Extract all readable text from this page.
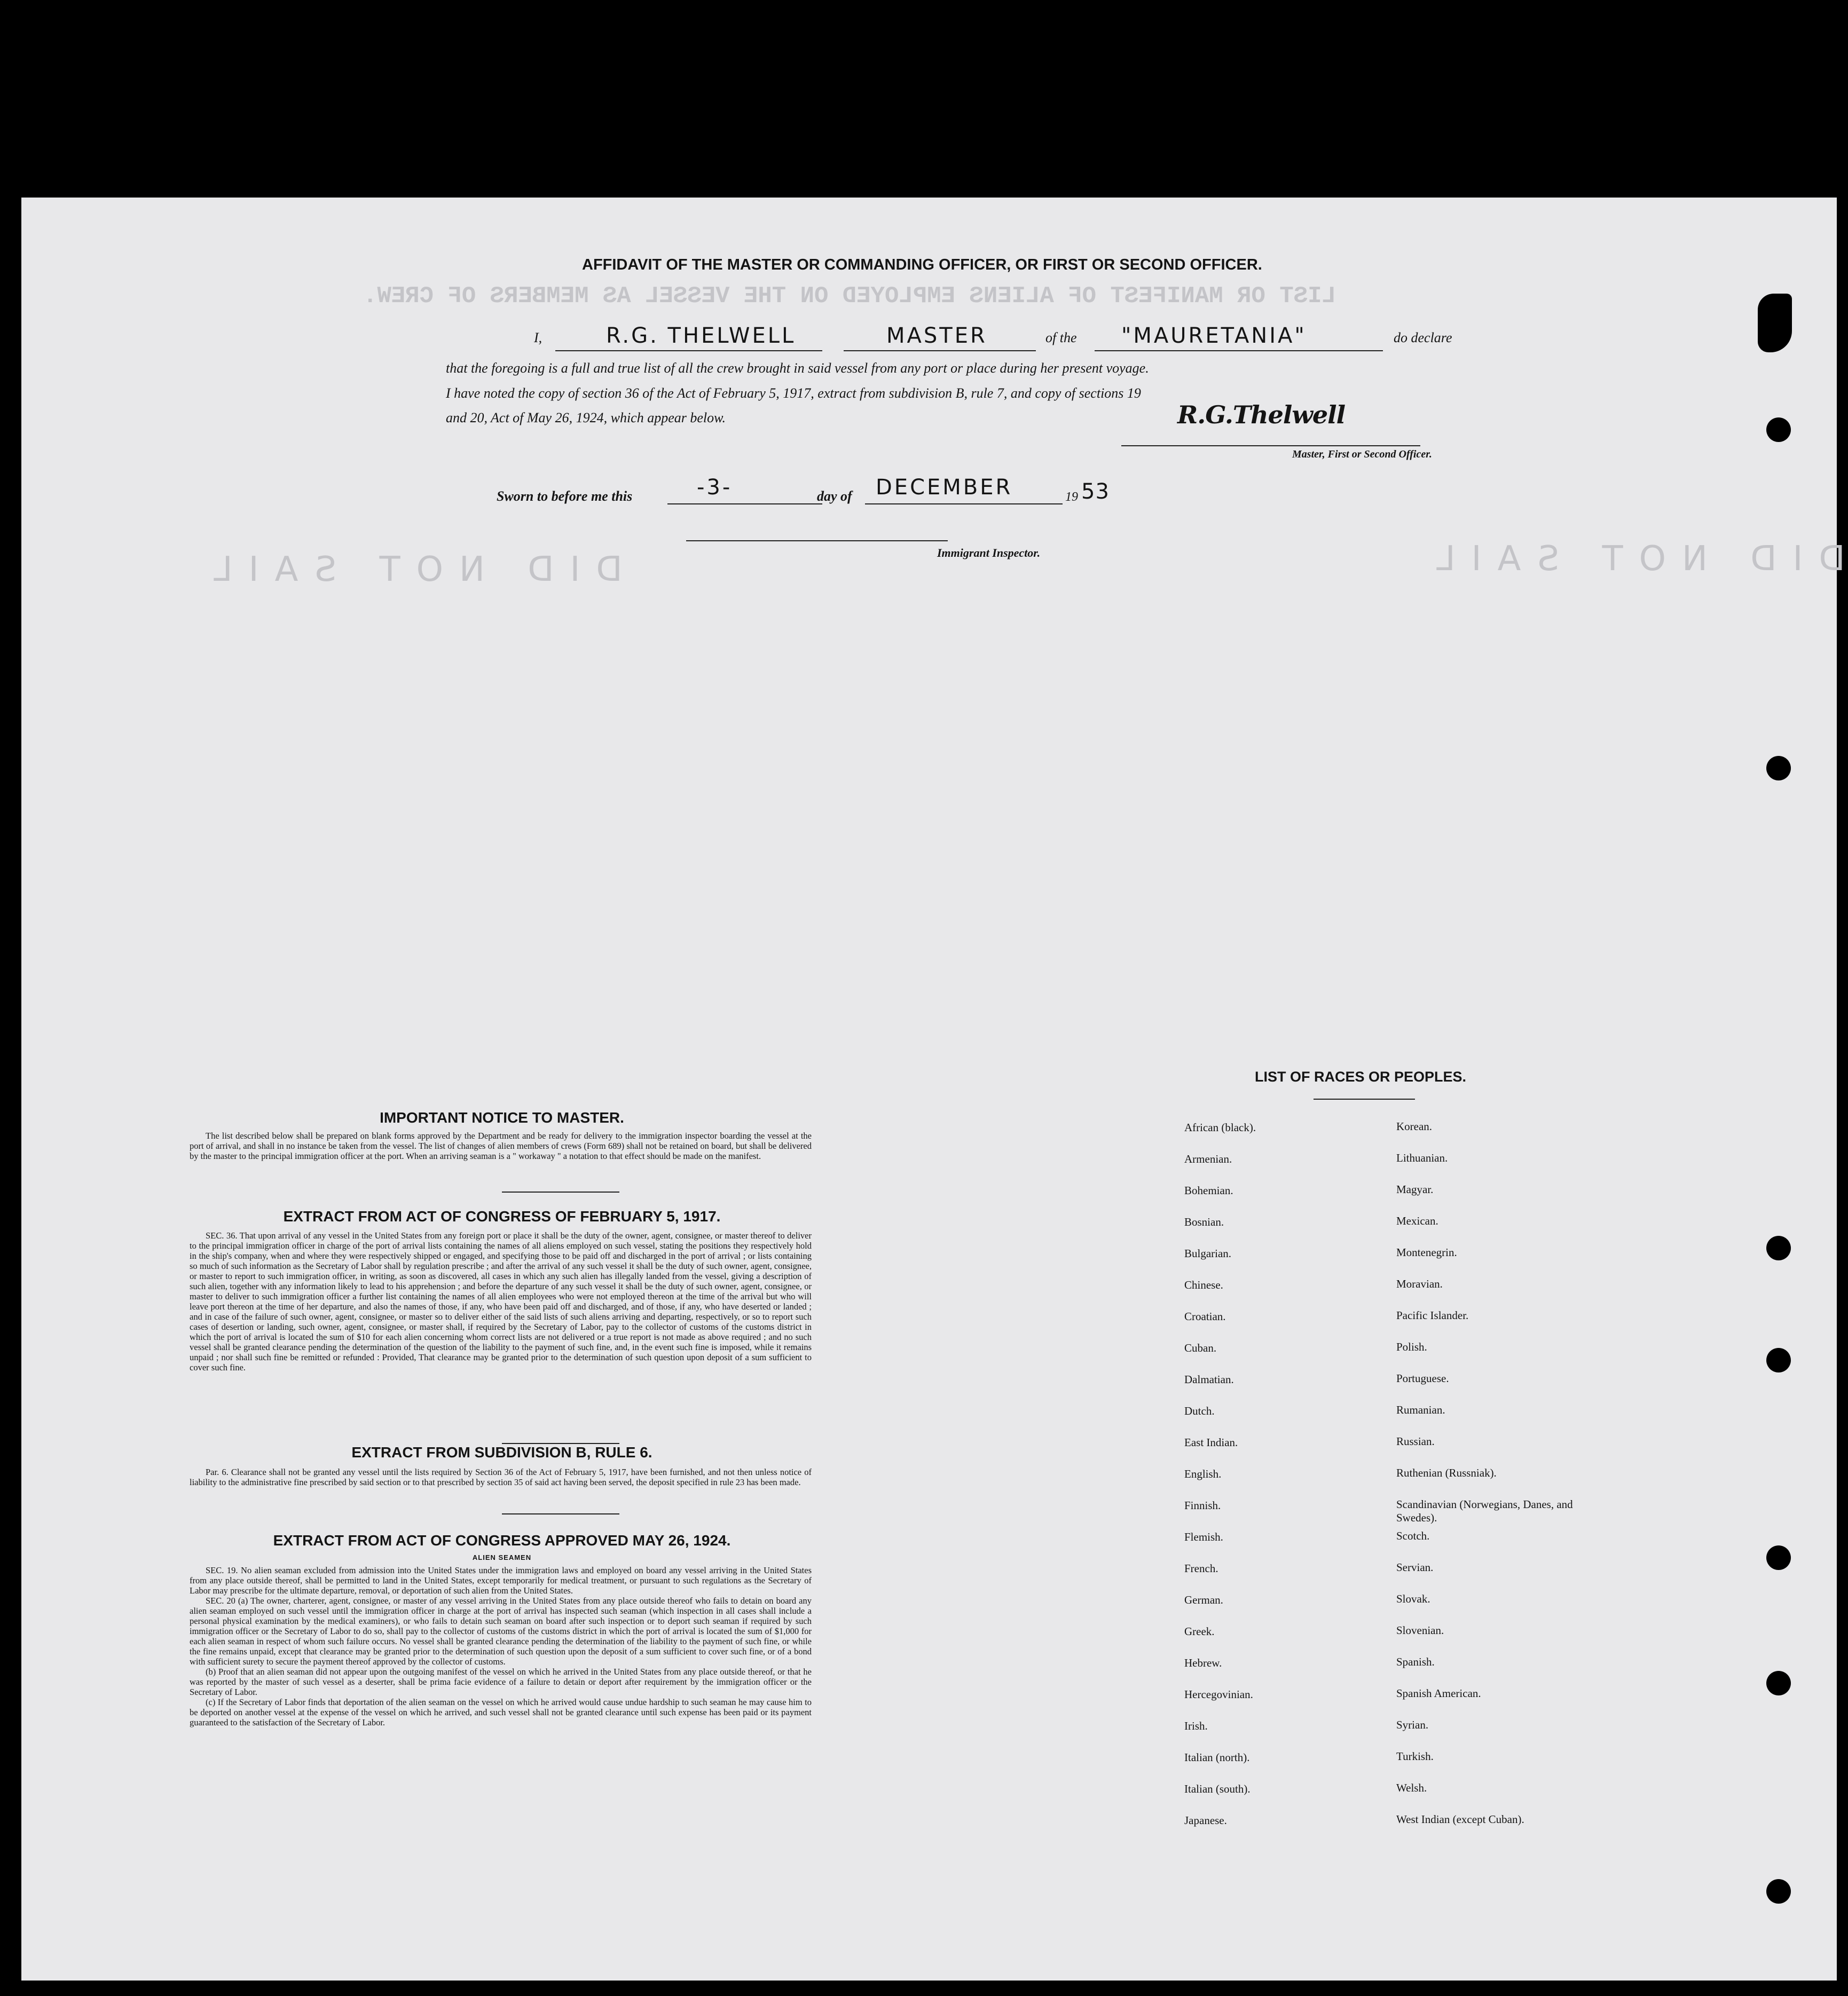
LIST OR MANIFEST OF ALIENS EMPLOYED ON THE VESSEL AS MEMBERS OF CREW.
DID NOT SAIL	DID NOT SAIL
AFFIDAVIT OF THE MASTER OR COMMANDING OFFICER, OR FIRST OR SECOND OFFICER.
I,	R.G. THELWELL	MASTER	of the "MAURETANIA"	do declare
that the foregoing is a full and true list of all the crew brought in said vessel from any port or place during her present voyage.
I have noted the copy of section 36 of the Act of February 5, 1917, extract from subdivision B, rule 7, and copy of sections 19
and 20, Act of May 26, 1924, which appear below.	R.G.Thelwell
Master, First or Second Officer.
Sworn to before me this	-3-	day of DECEMBER	19 53
Immigrant Inspector.
IMPORTANT NOTICE TO MASTER.

The list described below shall be prepared on blank forms approved by the Department and be ready for delivery to the immigration inspector boarding the vessel at the port of arrival, and shall in no instance be taken from the vessel. The list of changes of alien members of crews (Form 689) shall not be retained on board, but shall be delivered by the master to the principal immigration officer at the port. When an arriving seaman is a " workaway " a notation to that effect should be made on the manifest.

EXTRACT FROM ACT OF CONGRESS OF FEBRUARY 5, 1917.

SEC. 36. That upon arrival of any vessel in the United States from any foreign port or place it shall be the duty of the owner, agent, consignee, or master thereof to deliver to the principal immigration officer in charge of the port of arrival lists containing the names of all aliens employed on such vessel, stating the positions they respectively hold in the ship's company, when and where they were respectively shipped or engaged, and specifying those to be paid off and discharged in the port of arrival ; or lists containing so much of such information as the Secretary of Labor shall by regulation prescribe ; and after the arrival of any such vessel it shall be the duty of such owner, agent, consignee, or master to report to such immigration officer, in writing, as soon as discovered, all cases in which any such alien has illegally landed from the vessel, giving a description of such alien, together with any information likely to lead to his apprehension ; and before the departure of any such vessel it shall be the duty of such owner, agent, consignee, or master to deliver to such immigration officer a further list containing the names of all alien employees who were not employed thereon at the time of the arrival but who will leave port thereon at the time of her departure, and also the names of those, if any, who have been paid off and discharged, and of those, if any, who have deserted or landed ; and in case of the failure of such owner, agent, consignee, or master so to deliver either of the said lists of such aliens arriving and departing, respectively, or so to report such cases of desertion or landing, such owner, agent, consignee, or master shall, if required by the Secretary of Labor, pay to the collector of customs of the customs district in which the port of arrival is located the sum of $10 for each alien concerning whom correct lists are not delivered or a true report is not made as above required ; and no such vessel shall be granted clearance pending the determination of the question of the liability to the payment of such fine, and, in the event such fine is imposed, while it remains unpaid ; nor shall such fine be remitted or refunded : Provided, That clearance may be granted prior to the determination of such question upon deposit of a sum sufficient to cover such fine.

EXTRACT FROM SUBDIVISION B, RULE 6.

Par. 6. Clearance shall not be granted any vessel until the lists required by Section 36 of the Act of February 5, 1917, have been furnished, and not then unless notice of liability to the administrative fine prescribed by said section or to that prescribed by section 35 of said act having been served, the deposit specified in rule 23 has been made.

EXTRACT FROM ACT OF CONGRESS APPROVED MAY 26, 1924.
ALIEN SEAMEN

SEC. 19. No alien seaman excluded from admission into the United States under the immigration laws and employed on board any vessel arriving in the United States from any place outside thereof, shall be permitted to land in the United States, except temporarily for medical treatment, or pursuant to such regulations as the Secretary of Labor may prescribe for the ultimate departure, removal, or deportation of such alien from the United States.

SEC. 20 (a) The owner, charterer, agent, consignee, or master of any vessel arriving in the United States from any place outside thereof who fails to detain on board any alien seaman employed on such vessel until the immigration officer in charge at the port of arrival has inspected such seaman (which inspection in all cases shall include a personal physical examination by the medical examiners), or who fails to detain such seaman on board after such inspection or to deport such seaman if required by such immigration officer or the Secretary of Labor to do so, shall pay to the collector of customs of the customs district in which the port of arrival is located the sum of $1,000 for each alien seaman in respect of whom such failure occurs. No vessel shall be granted clearance pending the determination of the liability to the payment of such fine, or while the fine remains unpaid, except that clearance may be granted prior to the determination of such question upon the deposit of a sum sufficient to cover such fine, or of a bond with sufficient surety to secure the payment thereof approved by the collector of customs.

(b) Proof that an alien seaman did not appear upon the outgoing manifest of the vessel on which he arrived in the United States from any place outside thereof, or that he was reported by the master of such vessel as a deserter, shall be prima facie evidence of a failure to detain or deport after requirement by the immigration officer or the Secretary of Labor.

(c) If the Secretary of Labor finds that deportation of the alien seaman on the vessel on which he arrived would cause undue hardship to such seaman he may cause him to be deported on another vessel at the expense of the vessel on which he arrived, and such vessel shall not be granted clearance until such expense has been paid or its payment guaranteed to the satisfaction of the Secretary of Labor.

LIST OF RACES OR PEOPLES.
African (black).
Armenian.
Bohemian.
Bosnian.
Bulgarian.
Chinese.
Croatian.
Cuban.
Dalmatian.
Dutch.
East Indian.
English.
Finnish.
Flemish.
French.
German.
Greek.
Hebrew.
Hercegovinian.
Irish.
Italian (north).
Italian (south).
Japanese.
Korean.
Lithuanian.
Magyar.
Mexican.
Montenegrin.
Moravian.
Pacific Islander.
Polish.
Portuguese.
Rumanian.
Russian.
Ruthenian (Russniak).
Scandinavian (Norwegians, Danes, and Swedes).
Scotch.
Servian.
Slovak.
Slovenian.
Spanish.
Spanish American.
Syrian.
Turkish.
Welsh.
West Indian (except Cuban).
